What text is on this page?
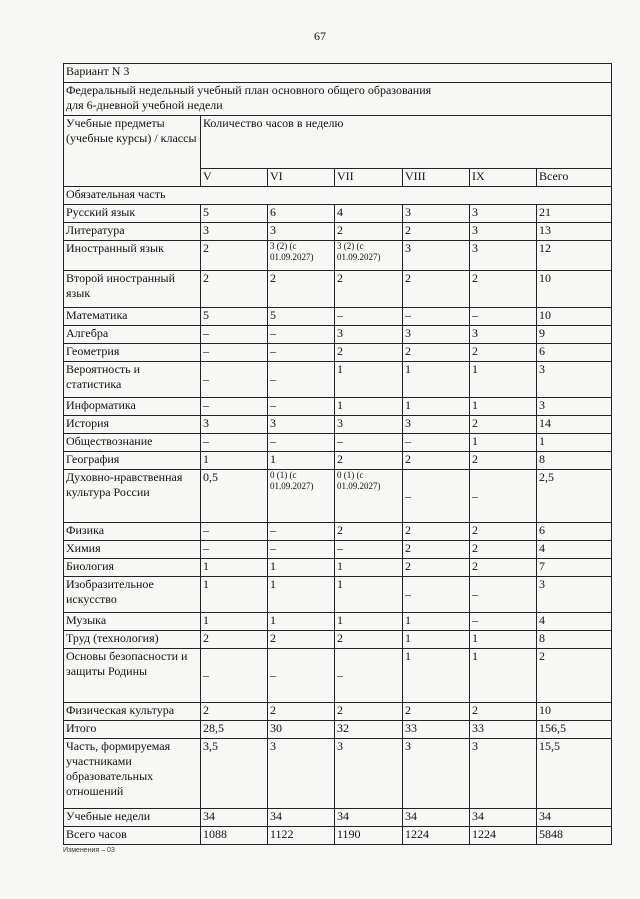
67
Вариант N 3						

Федеральный недельный учебный план основного общего образования
для 6-дневной учебной недели						

Учебные предметы (учебные курсы) / классы	Количество часов в неделю					
	V	VI	VII	VIII	IX	Всего
Обязательная часть						
Русский язык	5	6	4	3	3	21
Литература	3	3	2	2	3	13
Иностранный язык	2	3 (2) (с 01.09.2027)	3 (2) (с 01.09.2027)	3	3	12
Второй иностранный язык	2	2	2	2	2	10
Математика	5	5	–	–	–	10
Алгебра	–	–	3	3	3	9
Геометрия	–	–	2	2	2	6
Вероятность и статистика	–	–	1	1	1	3
Информатика	–	–	1	1	1	3
История	3	3	3	3	2	14
Обществознание	–	–	–	–	1	1
География	1	1	2	2	2	8
Духовно-нравственная культура России	0,5	0 (1) (с 01.09.2027)	0 (1) (с 01.09.2027)	–	–	2,5
Физика	–	–	2	2	2	6
Химия	–	–	–	2	2	4
Биология	1	1	1	2	2	7
Изобразительное искусство	1	1	1	–	–	3
Музыка	1	1	1	1	–	4
Труд (технология)	2	2	2	1	1	8
Основы безопасности и защиты Родины	–	–	–	1	1	2
Физическая культура	2	2	2	2	2	10
Итого	28,5	30	32	33	33	156,5
Часть, формируемая участниками образовательных отношений	3,5	3	3	3	3	15,5
Учебные недели	34	34	34	34	34	34
Всего часов	1088	1122	1190	1224	1224	5848
Изменения – 03
